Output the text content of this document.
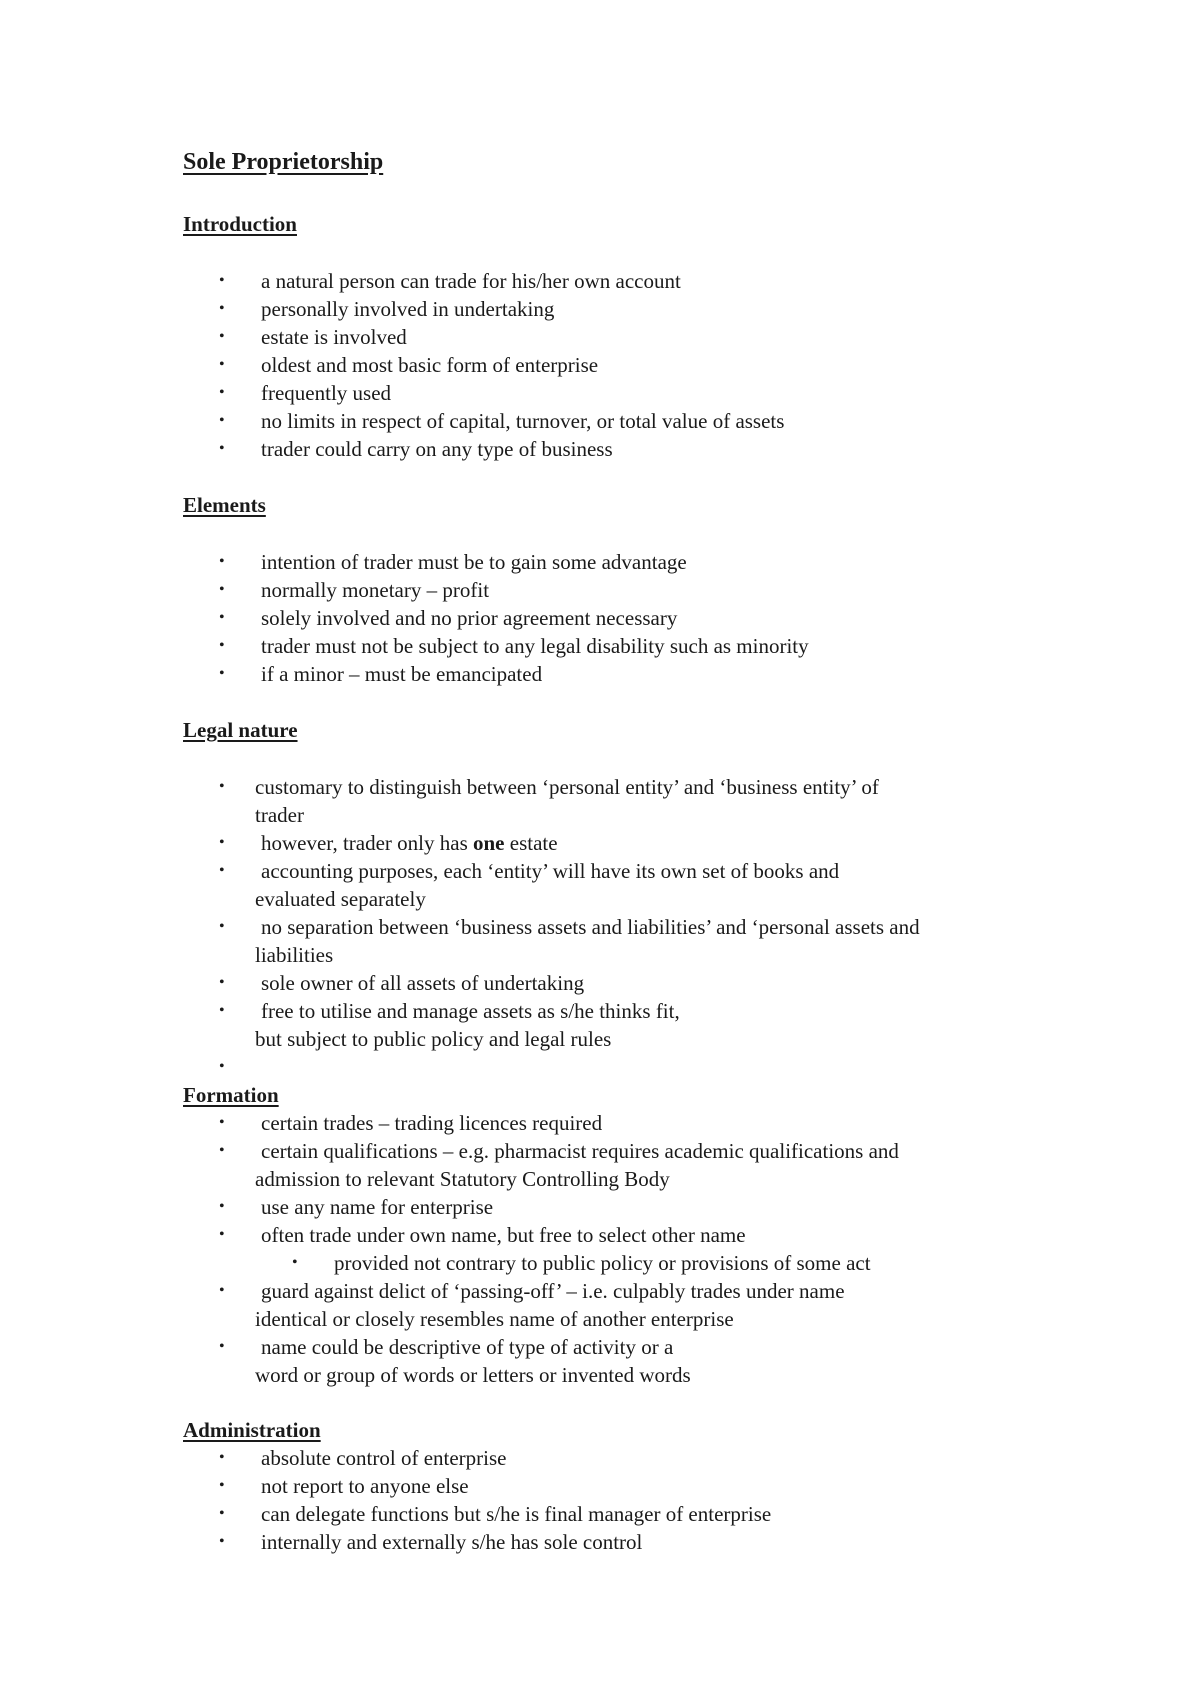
Sole Proprietorship
Introduction
•
a natural person can trade for his/her own account
•
personally involved in undertaking
•
estate is involved
•
oldest and most basic form of enterprise
•
frequently used
•
no limits in respect of capital, turnover, or total value of assets
•
trader could carry on any type of business
Elements
•
intention of trader must be to gain some advantage
•
normally monetary – profit
•
solely involved and no prior agreement necessary
•
trader must not be subject to any legal disability such as minority
•
if a minor – must be emancipated
Legal nature
•
customary to distinguish between ‘personal entity’ and ‘business entity’ of
trader
•
however, trader only has one estate
•
accounting purposes, each ‘entity’ will have its own set of books and
evaluated separately
•
no separation between ‘business assets and liabilities’ and ‘personal assets and
liabilities
•
sole owner of all assets of undertaking
•
free to utilise and manage assets as s/he thinks fit,
but subject to public policy and legal rules
•
Formation
•
certain trades – trading licences required
•
certain qualifications – e.g. pharmacist requires academic qualifications and
admission to relevant Statutory Controlling Body
•
use any name for enterprise
•
often trade under own name, but free to select other name
•
provided not contrary to public policy or provisions of some act
•
guard against delict of ‘passing-off’ – i.e. culpably trades under name
identical or closely resembles name of another enterprise
•
name could be descriptive of type of activity or a
word or group of words or letters or invented words
Administration
•
absolute control of enterprise
•
not report to anyone else
•
can delegate functions but s/he is final manager of enterprise
•
internally and externally s/he has sole control
